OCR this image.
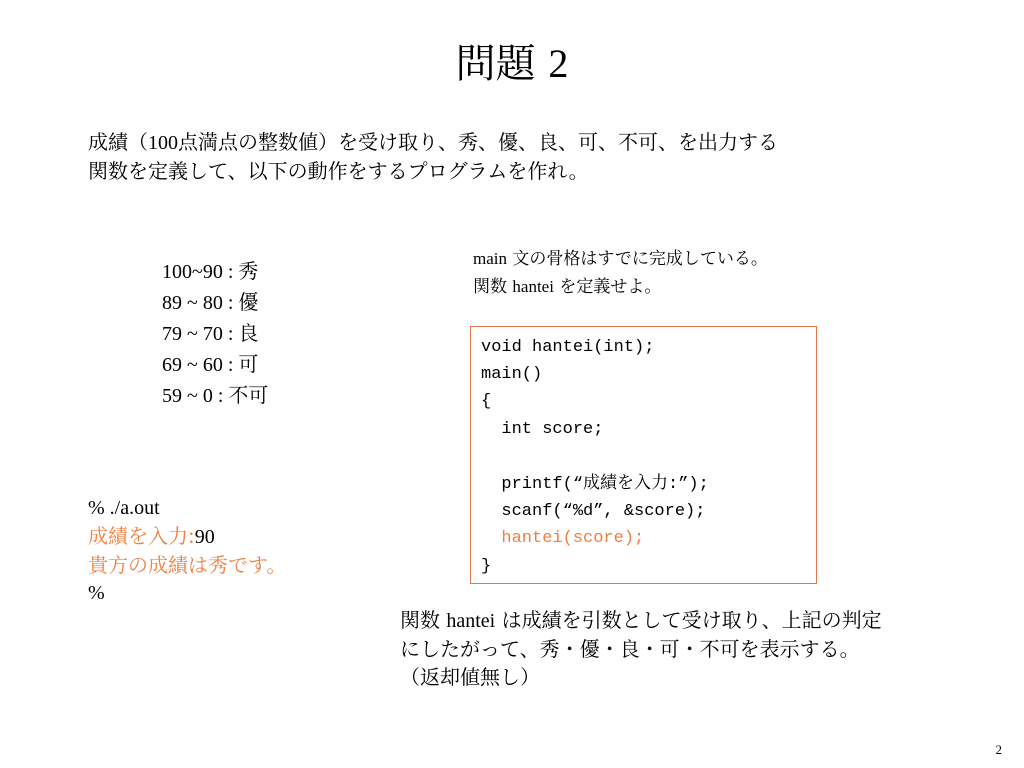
問題 2
成績（100点満点の整数値）を受け取り、秀、優、良、可、不可、を出力する
関数を定義して、以下の動作をするプログラムを作れ。
100~90 : 秀
89 ~ 80 : 優
79 ~ 70 : 良
69 ~ 60 : 可
59 ~ 0 : 不可
main 文の骨格はすでに完成している。
関数 hantei を定義せよ。
void hantei(int);
main()
{
int score;

printf(“成績を入力:”);
scanf(“%d”, &score);
hantei(score);
}
% ./a.out
成績を入力:90
貴方の成績は秀です。
%
関数 hantei は成績を引数として受け取り、上記の判定
にしたがって、秀・優・良・可・不可を表示する。
（返却値無し）
2
